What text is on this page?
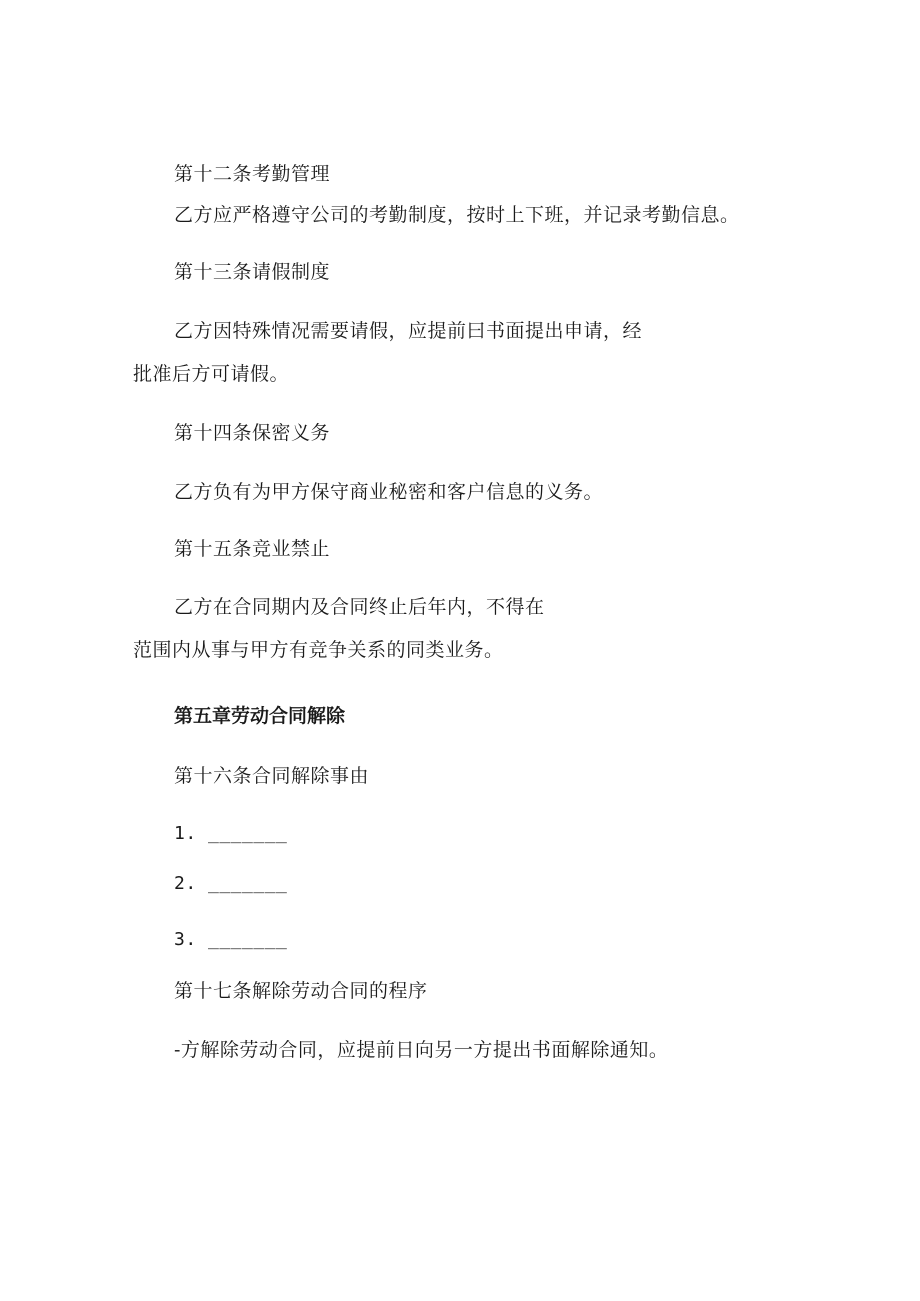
第十二条考勤管理
乙方应严格遵守公司的考勤制度，按时上下班，并记录考勤信息。
第十三条请假制度
乙方因特殊情况需要请假，应提前曰书面提出申请，经
批准后方可请假。
第十四条保密义务
乙方负有为甲方保守商业秘密和客户信息的义务。
第十五条竞业禁止
乙方在合同期内及合同终止后年内，不得在
范围内从事与甲方有竞争关系的同类业务。
第五章劳动合同解除
第十六条合同解除事由
1. _______
2. _______
3. _______
第十七条解除劳动合同的程序
-方解除劳动合同，应提前日向另一方提出书面解除通知。
